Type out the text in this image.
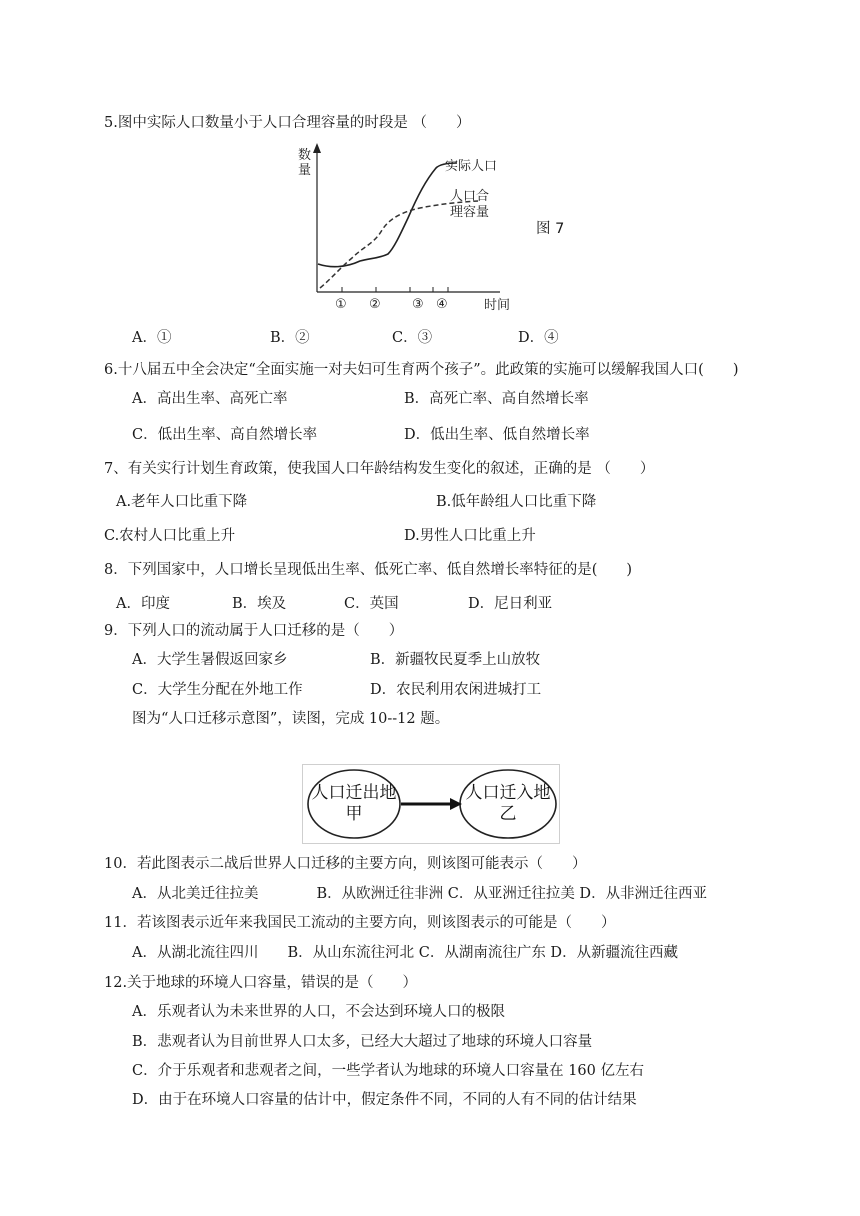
5.图中实际人口数量小于人口合理容量的时段是 （　　）
数
量
时间
实际人口
人口合
理容量
① ② ③ ④
图 7
A．①	B．②	C．③	D．④
6.十八届五中全会决定“全面实施一对夫妇可生育两个孩子”。此政策的实施可以缓解我国人口(　　)
A．高出生率、高死亡率	B．高死亡率、高自然增长率
C．低出生率、高自然增长率	D．低出生率、低自然增长率
7、有关实行计划生育政策，使我国人口年龄结构发生变化的叙述，正确的是 （　　）
A.老年人口比重下降	B.低年龄组人口比重下降
C.农村人口比重上升	D.男性人口比重上升
8．下列国家中，人口增长呈现低出生率、低死亡率、低自然增长率特征的是(　　)
A．印度	B．埃及	C．英国	D．尼日利亚
9．下列人口的流动属于人口迁移的是（　　）
A．大学生暑假返回家乡	B．新疆牧民夏季上山放牧
C．大学生分配在外地工作	D．农民利用农闲进城打工
图为“人口迁移示意图”，读图，完成 10--12 题。
人口迁出地
甲
人口迁入地
乙
10．若此图表示二战后世界人口迁移的主要方向，则该图可能表示（　　）
A．从北美迁往拉美　　　　B．从欧洲迁往非洲 C．从亚洲迁往拉美 D．从非洲迁往西亚
11．若该图表示近年来我国民工流动的主要方向，则该图表示的可能是（　　）
A．从湖北流往四川　　B．从山东流往河北 C．从湖南流往广东 D．从新疆流往西藏
12.关于地球的环境人口容量，错误的是（　　）
A．乐观者认为未来世界的人口，不会达到环境人口的极限
B．悲观者认为目前世界人口太多，已经大大超过了地球的环境人口容量
C．介于乐观者和悲观者之间，一些学者认为地球的环境人口容量在 160 亿左右
D．由于在环境人口容量的估计中，假定条件不同，不同的人有不同的估计结果
